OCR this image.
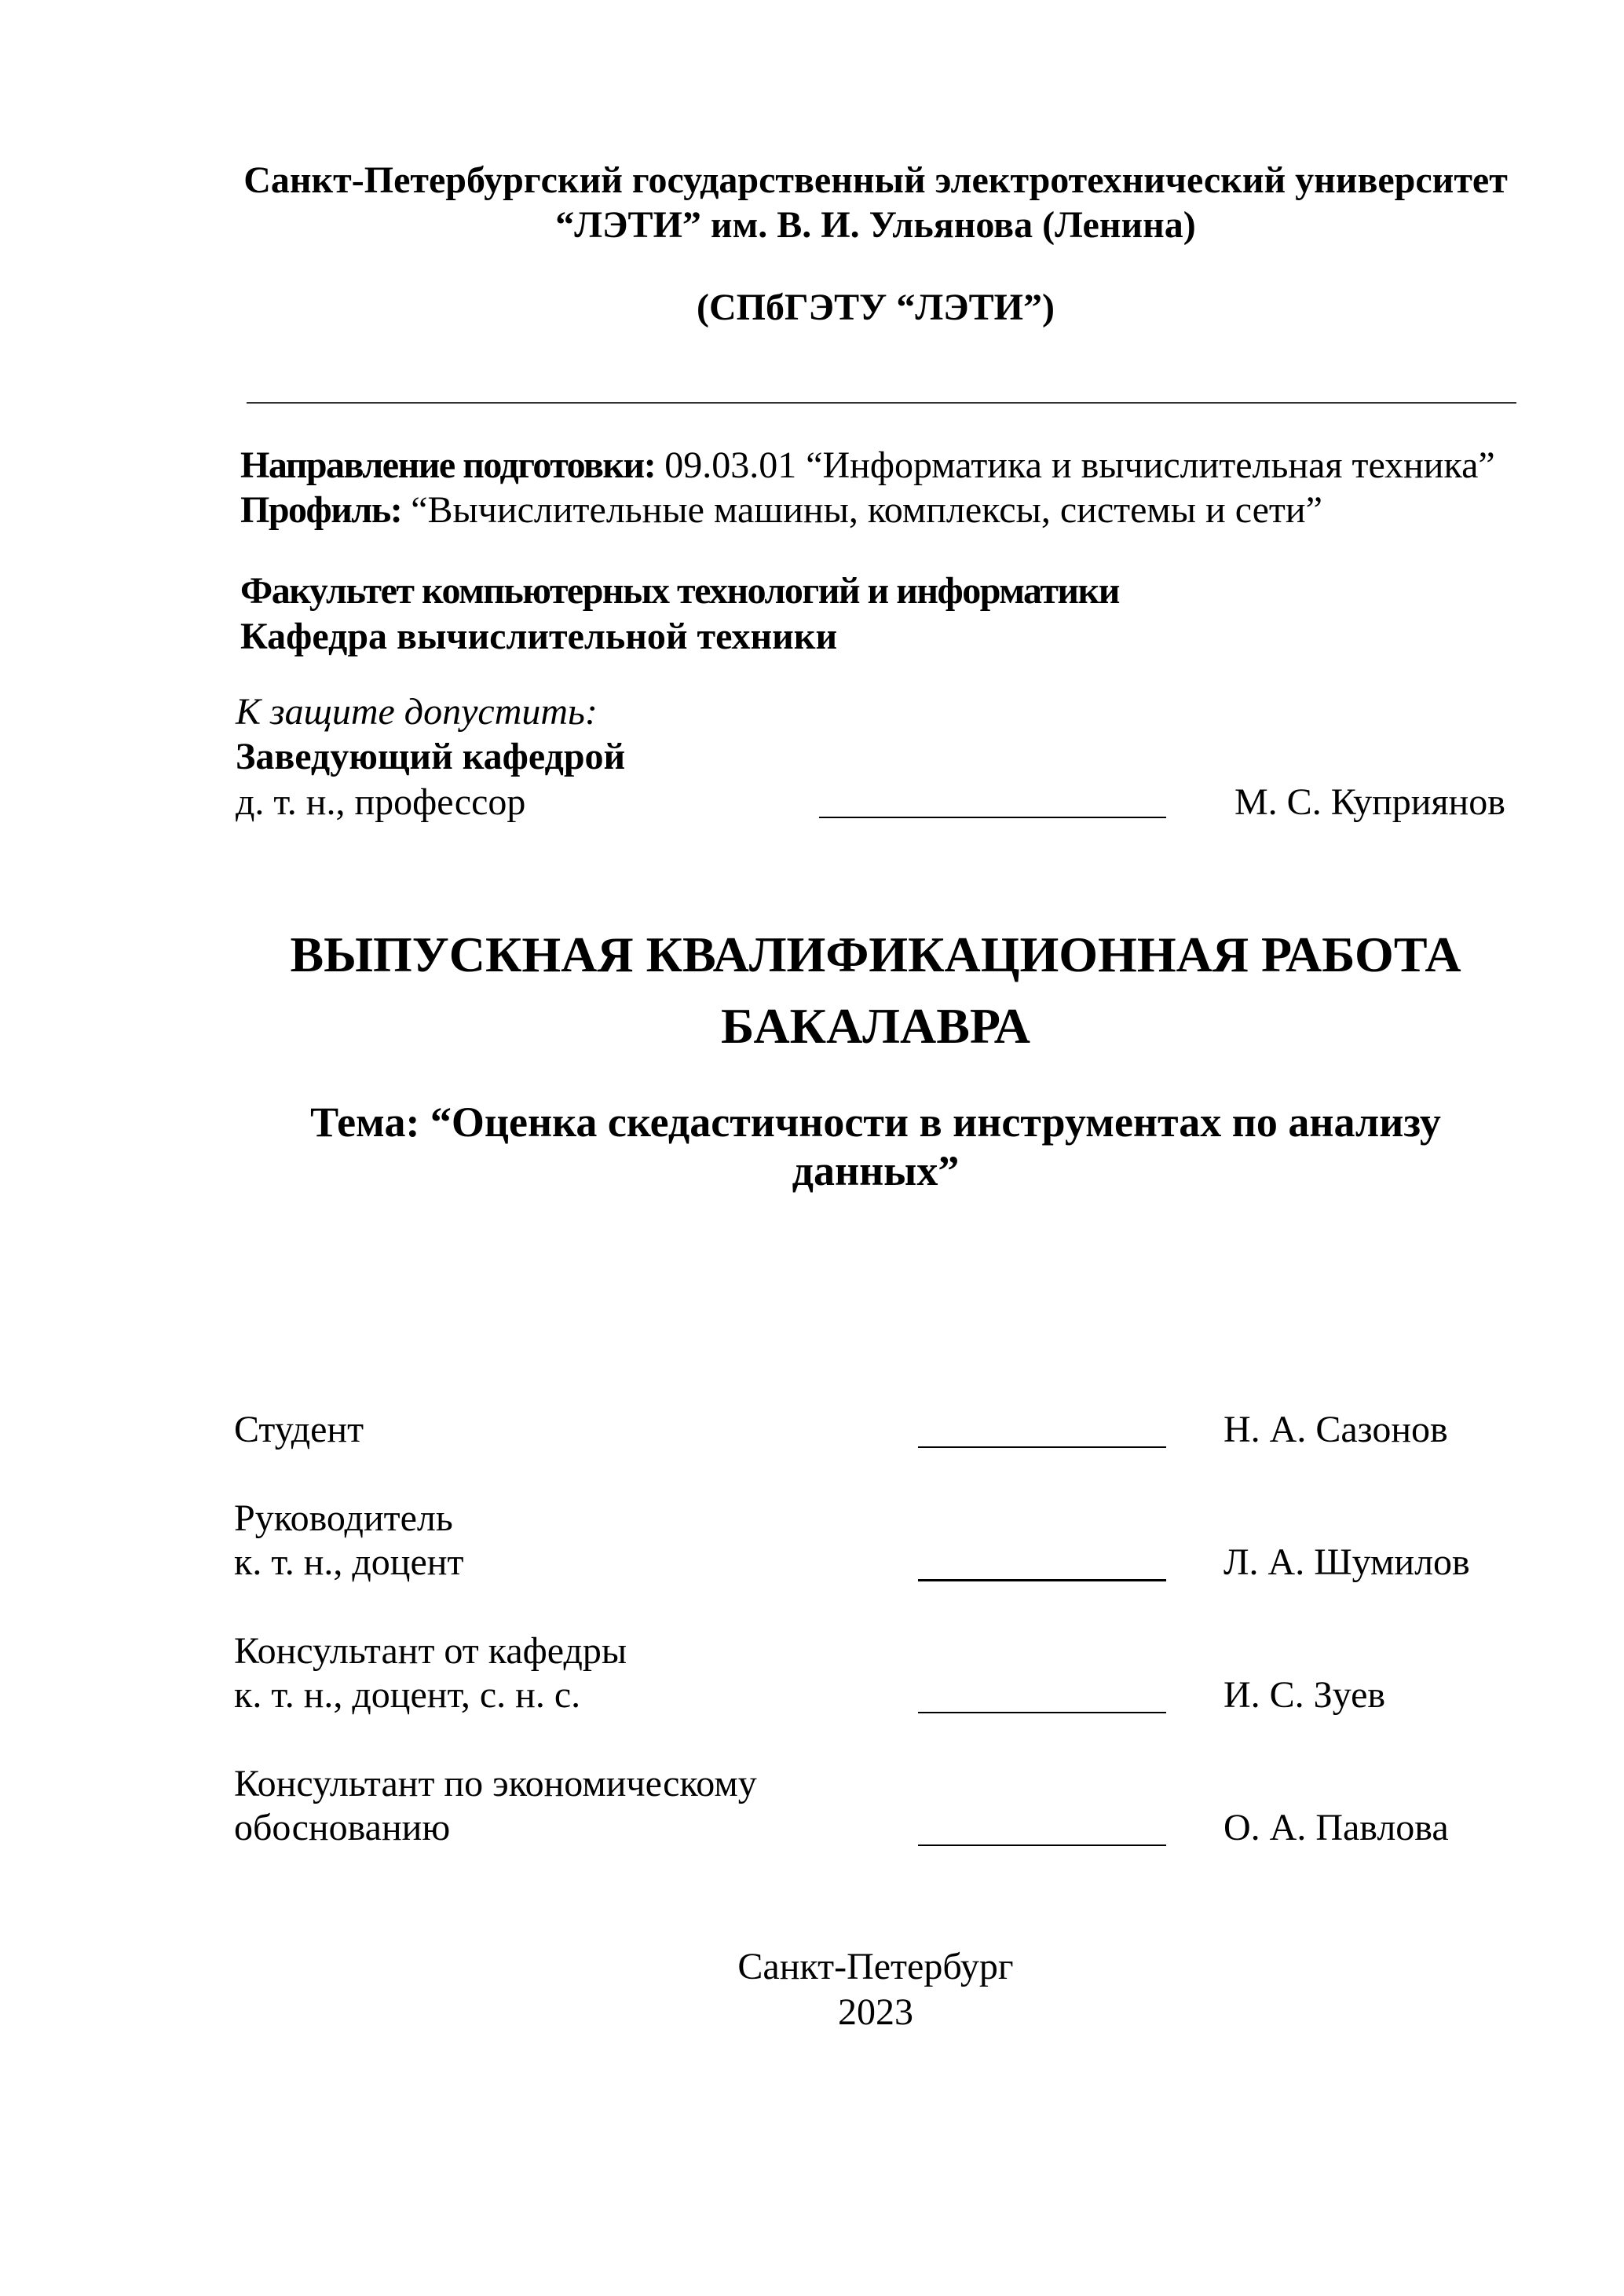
Санкт-Петербургский государственный электротехнический университет
“ЛЭТИ” им. В. И. Ульянова (Ленина)
(СПбГЭТУ “ЛЭТИ”)
Направление подготовки: 09.03.01 “Информатика и вычислительная техника”
Профиль: “Вычислительные машины, комплексы, системы и сети”
Факультет компьютерных технологий и информатики
Кафедра вычислительной техники
К защите допустить:
Заведующий кафедрой
д. т. н., профессор	М. С. Куприянов
ВЫПУСКНАЯ КВАЛИФИКАЦИОННАЯ РАБОТА
БАКАЛАВРА
Тема: “Оценка скедастичности в инструментах по анализу
данных”
Студент	Н. А. Сазонов
Руководитель
к. т. н., доцент	Л. А. Шумилов
Консультант от кафедры
к. т. н., доцент, с. н. с.	И. С. Зуев
Консультант по экономическому
обоснованию	О. А. Павлова
Санкт-Петербург
2023
